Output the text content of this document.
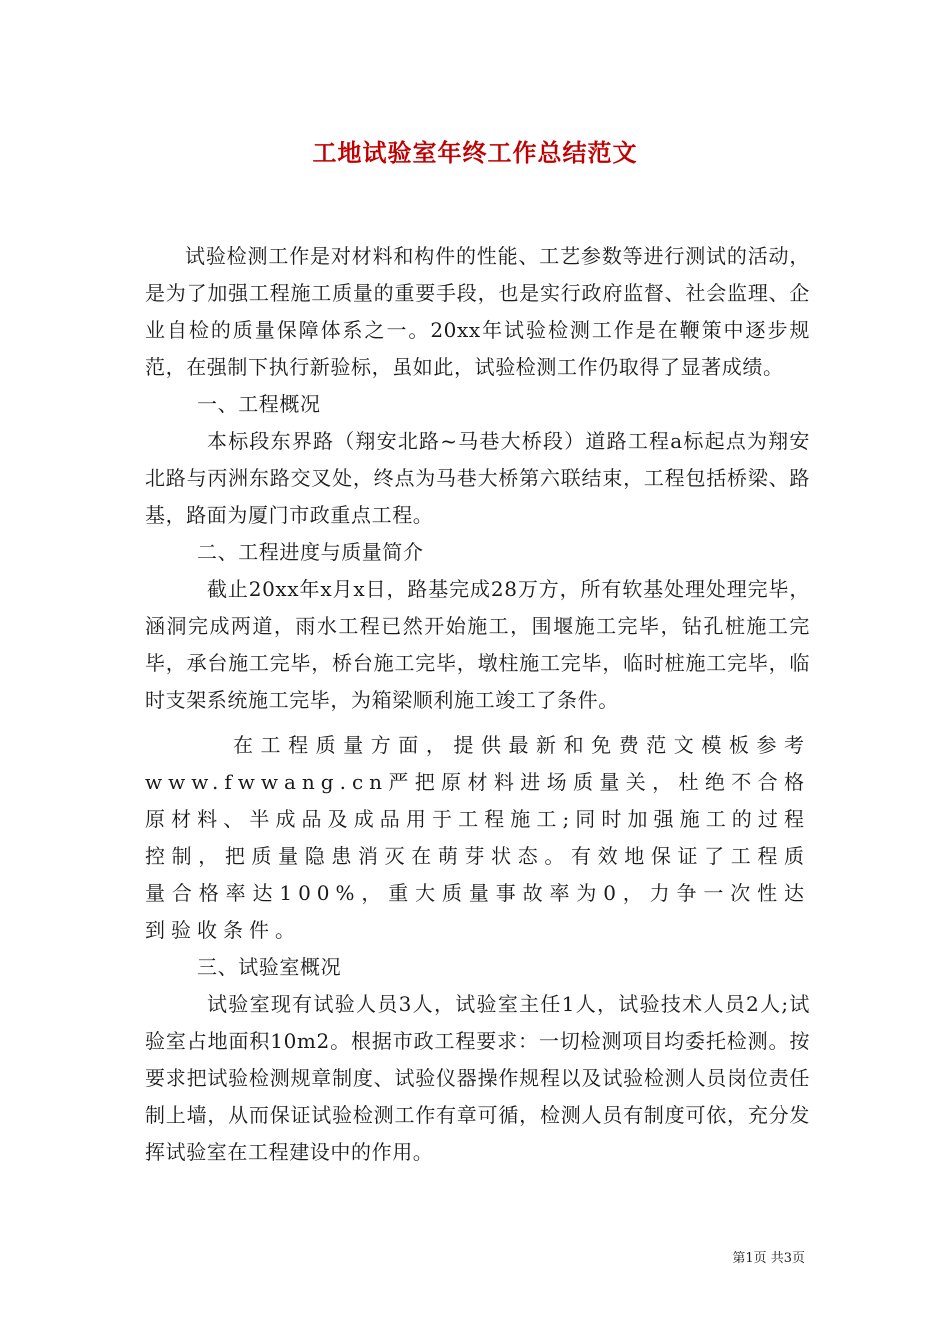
工地试验室年终工作总结范文

试验检测工作是对材料和构件的性能、工艺参数等进行测试的活动，是为了加强工程施工质量的重要手段，也是实行政府监督、社会监理、企业自检的质量保障体系之一。20xx年试验检测工作是在鞭策中逐步规范，在强制下执行新验标，虽如此，试验检测工作仍取得了显著成绩。

一、工程概况

本标段东界路（翔安北路~马巷大桥段）道路工程a标起点为翔安北路与丙洲东路交叉处，终点为马巷大桥第六联结束，工程包括桥梁、路基，路面为厦门市政重点工程。

二、工程进度与质量简介

截止20xx年x月x日，路基完成28万方，所有软基处理处理完毕，涵洞完成两道，雨水工程已然开始施工，围堰施工完毕，钻孔桩施工完毕，承台施工完毕，桥台施工完毕，墩柱施工完毕，临时桩施工完毕，临时支架系统施工完毕，为箱梁顺利施工竣工了条件。

在工程质量方面，提供最新和免费范文模板参考www.fwwang.cn严把原材料进场质量关，杜绝不合格原材料、半成品及成品用于工程施工;同时加强施工的过程控制，把质量隐患消灭在萌芽状态。有效地保证了工程质量合格率达100%，重大质量事故率为0，力争一次性达到验收条件。

三、试验室概况

试验室现有试验人员3人，试验室主任1人，试验技术人员2人;试验室占地面积10m2。根据市政工程要求：一切检测项目均委托检测。按要求把试验检测规章制度、试验仪器操作规程以及试验检测人员岗位责任制上墙，从而保证试验检测工作有章可循，检测人员有制度可依，充分发挥试验室在工程建设中的作用。

第1页 共3页
